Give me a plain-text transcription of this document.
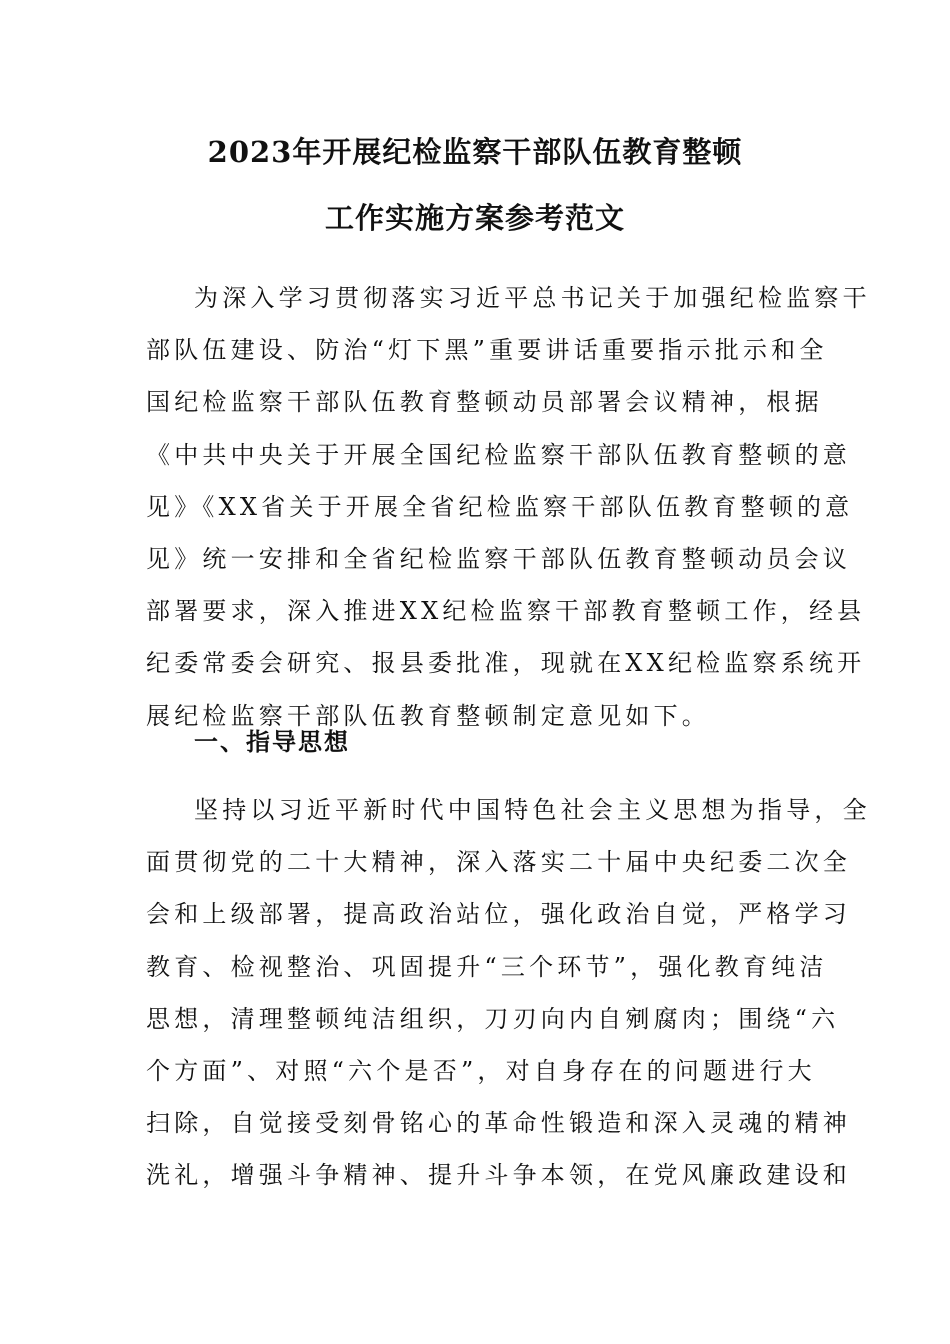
2023年开展纪检监察干部队伍教育整顿
工作实施方案参考范文
为深入学习贯彻落实习近平总书记关于加强纪检监察干
部队伍建设、防治“灯下黑”重要讲话重要指示批示和全
国纪检监察干部队伍教育整顿动员部署会议精神，根据
《中共中央关于开展全国纪检监察干部队伍教育整顿的意
见》《XX省关于开展全省纪检监察干部队伍教育整顿的意
见》统一安排和全省纪检监察干部队伍教育整顿动员会议
部署要求，深入推进XX纪检监察干部教育整顿工作，经县
纪委常委会研究、报县委批准，现就在XX纪检监察系统开
展纪检监察干部队伍教育整顿制定意见如下。
一、指导思想
坚持以习近平新时代中国特色社会主义思想为指导，全
面贯彻党的二十大精神，深入落实二十届中央纪委二次全
会和上级部署，提高政治站位，强化政治自觉，严格学习
教育、检视整治、巩固提升“三个环节”，强化教育纯洁
思想，清理整顿纯洁组织，刀刃向内自剜腐肉；围绕“六
个方面”、对照“六个是否”，对自身存在的问题进行大
扫除，自觉接受刻骨铭心的革命性锻造和深入灵魂的精神
洗礼，增强斗争精神、提升斗争本领，在党风廉政建设和
